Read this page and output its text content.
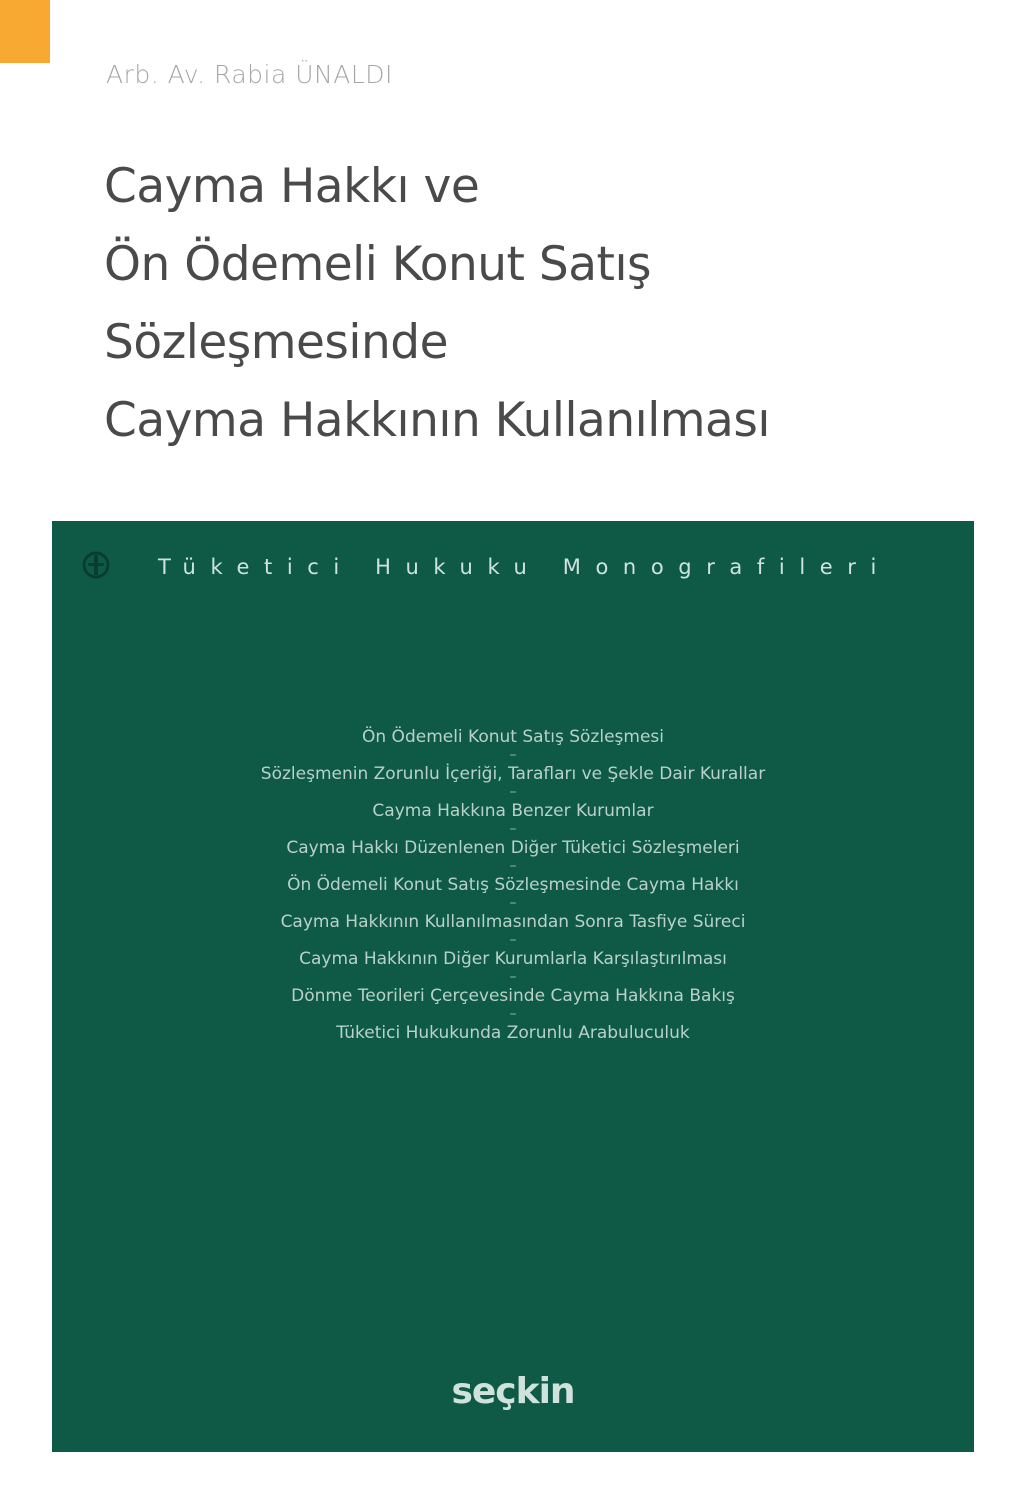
Arb. Av. Rabia ÜNALDI
Cayma Hakkı ve
Ön Ödemeli Konut Satış
Sözleşmesinde
Cayma Hakkının Kullanılması
Tüketici Hukuku Monografileri
Ön Ödemeli Konut Satış Sözleşmesi
–
Sözleşmenin Zorunlu İçeriği, Tarafları ve Şekle Dair Kurallar
–
Cayma Hakkına Benzer Kurumlar
–
Cayma Hakkı Düzenlenen Diğer Tüketici Sözleşmeleri
–
Ön Ödemeli Konut Satış Sözleşmesinde Cayma Hakkı
–
Cayma Hakkının Kullanılmasından Sonra Tasfiye Süreci
–
Cayma Hakkının Diğer Kurumlarla Karşılaştırılması
–
Dönme Teorileri Çerçevesinde Cayma Hakkına Bakış
–
Tüketici Hukukunda Zorunlu Arabuluculuk
seçkin
